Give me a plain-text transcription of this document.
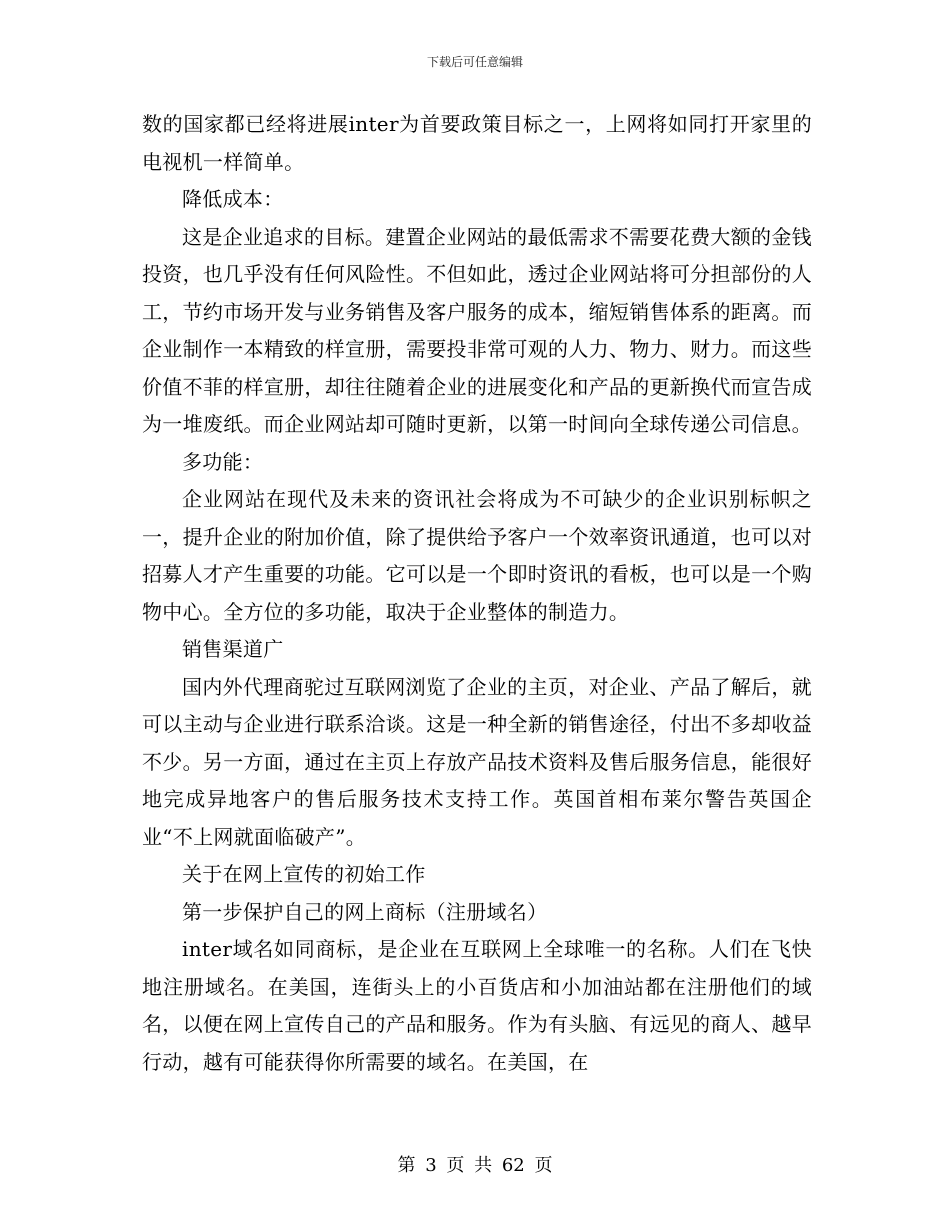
下载后可任意编辑

数的国家都已经将进展inter为首要政策目标之一，上网将如同打开家里的电视机一样简单。

降低成本：

这是企业追求的目标。建置企业网站的最低需求不需要花费大额的金钱投资，也几乎没有任何风险性。不但如此，透过企业网站将可分担部份的人工，节约市场开发与业务销售及客户服务的成本，缩短销售体系的距离。而企业制作一本精致的样宣册，需要投非常可观的人力、物力、财力。而这些价值不菲的样宣册，却往往随着企业的进展变化和产品的更新换代而宣告成为一堆废纸。而企业网站却可随时更新，以第一时间向全球传递公司信息。

多功能：

企业网站在现代及未来的资讯社会将成为不可缺少的企业识别标帜之一，提升企业的附加价值，除了提供给予客户一个效率资讯通道，也可以对招募人才产生重要的功能。它可以是一个即时资讯的看板，也可以是一个购物中心。全方位的多功能，取决于企业整体的制造力。

销售渠道广

国内外代理商驼过互联网浏览了企业的主页，对企业、产品了解后，就可以主动与企业进行联系洽谈。这是一种全新的销售途径，付出不多却收益不少。另一方面，通过在主页上存放产品技术资料及售后服务信息，能很好地完成异地客户的售后服务技术支持工作。英国首相布莱尔警告英国企业“不上网就面临破产”。

关于在网上宣传的初始工作

第一步保护自己的网上商标（注册域名）

inter域名如同商标，是企业在互联网上全球唯一的名称。人们在飞快地注册域名。在美国，连街头上的小百货店和小加油站都在注册他们的域名，以便在网上宣传自己的产品和服务。作为有头脑、有远见的商人、越早行动，越有可能获得你所需要的域名。在美国，在

第 3 页 共 62 页
